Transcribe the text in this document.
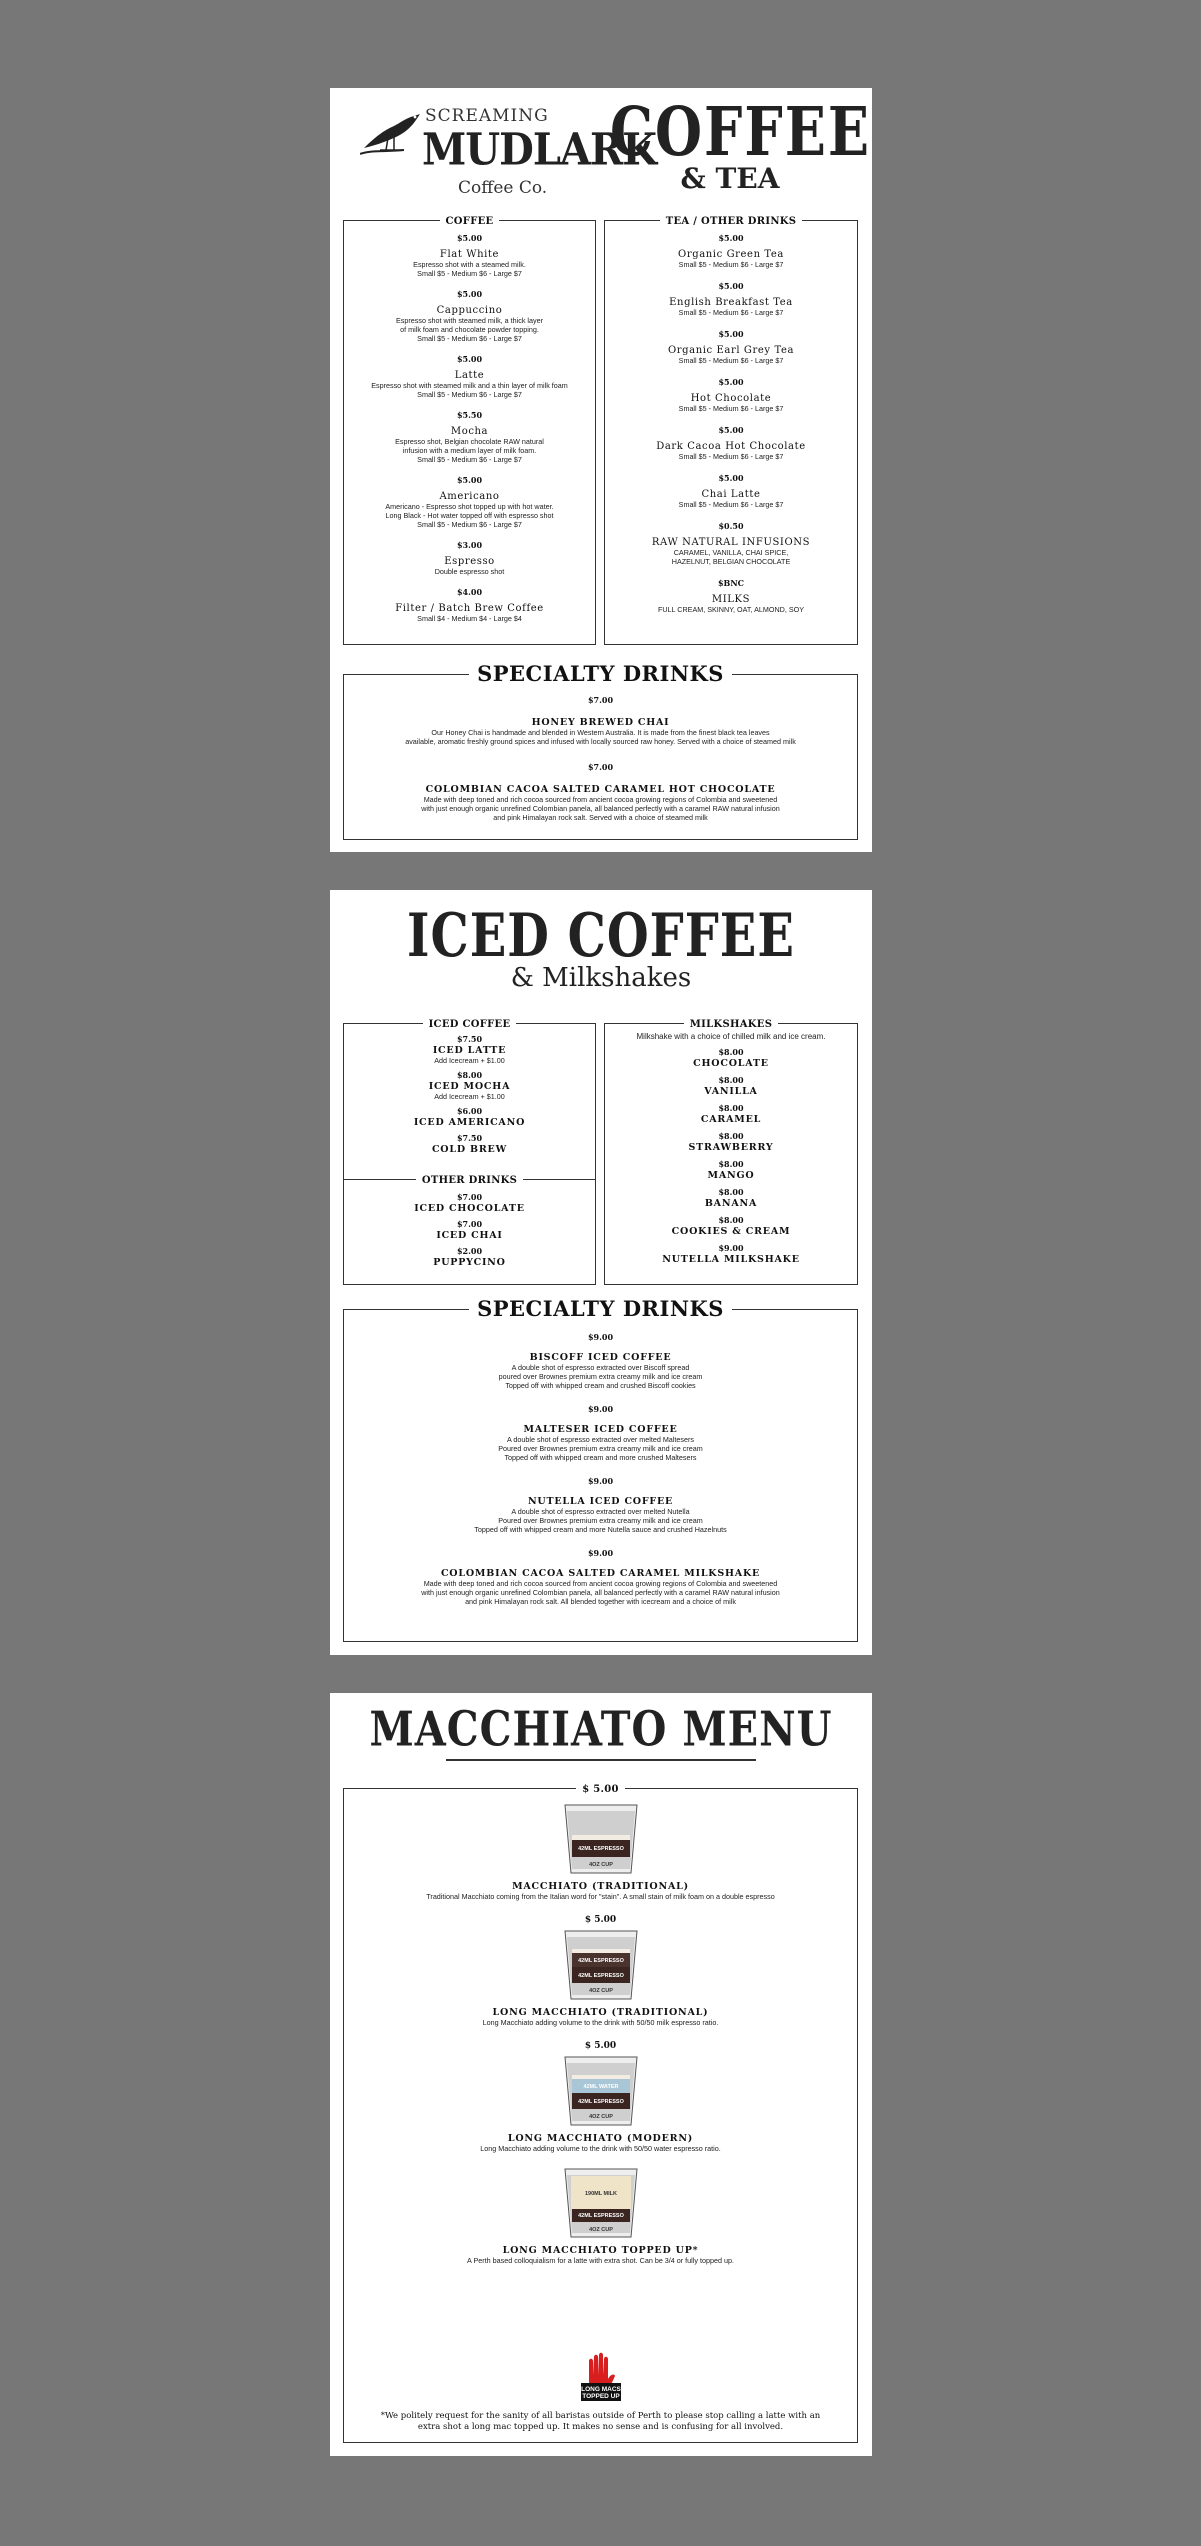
SCREAMING
MUDLARK
Coffee Co.
COFFEE
& TEA
COFFEE
$5.00
Flat White
Espresso shot with a steamed milk.
Small $5 - Medium $6 - Large $7
$5.00
Cappuccino
Espresso shot with steamed milk, a thick layer
of milk foam and chocolate powder topping.
Small $5 - Medium $6 - Large $7
$5.00
Latte
Espresso shot with steamed milk and a thin layer of milk foam
Small $5 - Medium $6 - Large $7
$5.50
Mocha
Espresso shot, Belgian chocolate RAW natural
infusion with a medium layer of milk foam.
Small $5 - Medium $6 - Large $7
$5.00
Americano
Americano - Espresso shot topped up with hot water.
Long Black - Hot water topped off with espresso shot
Small $5 - Medium $6 - Large $7
$3.00
Espresso
Double espresso shot
$4.00
Filter / Batch Brew Coffee
Small $4 - Medium $4 - Large $4
TEA / OTHER DRINKS
$5.00
Organic Green Tea
Small $5 - Medium $6 - Large $7
$5.00
English Breakfast Tea
Small $5 - Medium $6 - Large $7
$5.00
Organic Earl Grey Tea
Small $5 - Medium $6 - Large $7
$5.00
Hot Chocolate
Small $5 - Medium $6 - Large $7
$5.00
Dark Cacoa Hot Chocolate
Small $5 - Medium $6 - Large $7
$5.00
Chai Latte
Small $5 - Medium $6 - Large $7
$0.50
RAW NATURAL INFUSIONS
CARAMEL, VANILLA, CHAI SPICE,
HAZELNUT, BELGIAN CHOCOLATE
$BNC
MILKS
FULL CREAM, SKINNY, OAT, ALMOND, SOY
SPECIALTY DRINKS
$7.00
HONEY BREWED CHAI
Our Honey Chai is handmade and blended in Western Australia. It is made from the finest black tea leaves
available, aromatic freshly ground spices and infused with locally sourced raw honey. Served with a choice of steamed milk
$7.00
COLOMBIAN CACOA SALTED CARAMEL HOT CHOCOLATE
Made with deep toned and rich cocoa sourced from ancient cocoa growing regions of Colombia and sweetened
with just enough organic unrefined Colombian panela, all balanced perfectly with a caramel RAW natural infusion
and pink Himalayan rock salt. Served with a choice of steamed milk
ICED COFFEE
& Milkshakes
ICED COFFEE
$7.50
ICED LATTE
Add Icecream + $1.00
$8.00
ICED MOCHA
Add Icecream + $1.00
$6.00
ICED AMERICANO
$7.50
COLD BREW
OTHER DRINKS
$7.00
ICED CHOCOLATE
$7.00
ICED CHAI
$2.00
PUPPYCINO
MILKSHAKES
Milkshake with a choice of chilled milk and ice cream.
$8.00
CHOCOLATE
$8.00
VANILLA
$8.00
CARAMEL
$8.00
STRAWBERRY
$8.00
MANGO
$8.00
BANANA
$8.00
COOKIES & CREAM
$9.00
NUTELLA MILKSHAKE
SPECIALTY DRINKS
$9.00
BISCOFF ICED COFFEE
A double shot of espresso extracted over Biscoff spread
poured over Brownes premium extra creamy milk and ice cream
Topped off with whipped cream and crushed Biscoff cookies
$9.00
MALTESER ICED COFFEE
A double shot of espresso extracted over melted Maltesers
Poured over Brownes premium extra creamy milk and ice cream
Topped off with whipped cream and more crushed Maltesers
$9.00
NUTELLA ICED COFFEE
A double shot of espresso extracted over melted Nutella
Poured over Brownes premium extra creamy milk and ice cream
Topped off with whipped cream and more Nutella sauce and crushed Hazelnuts
$9.00
COLOMBIAN CACOA SALTED CARAMEL MILKSHAKE
Made with deep toned and rich cocoa sourced from ancient cocoa growing regions of Colombia and sweetened
with just enough organic unrefined Colombian panela, all balanced perfectly with a caramel RAW natural infusion
and pink Himalayan rock salt. All blended together with icecream and a choice of milk
MACCHIATO MENU
$ 5.00
42ML ESPRESSO
4OZ CUP
MACCHIATO (TRADITIONAL)
Traditional Macchiato coming from the Italian word for "stain". A small stain of milk foam on a double espresso
$ 5.00
42ML ESPRESSO
42ML ESPRESSO
4OZ CUP
LONG MACCHIATO (TRADITIONAL)
Long Macchiato adding volume to the drink with 50/50 milk espresso ratio.
$ 5.00
42ML WATER
42ML ESPRESSO
4OZ CUP
LONG MACCHIATO (MODERN)
Long Macchiato adding volume to the drink with 50/50 water espresso ratio.
190ML MILK
42ML ESPRESSO
4OZ CUP
LONG MACCHIATO TOPPED UP*
A Perth based colloquialism for a latte with extra shot. Can be 3/4 or fully topped up.
LONG MACS
TOPPED UP
*We politely request for the sanity of all baristas outside of Perth to please stop calling a latte with an
extra shot a long mac topped up. It makes no sense and is confusing for all involved.
